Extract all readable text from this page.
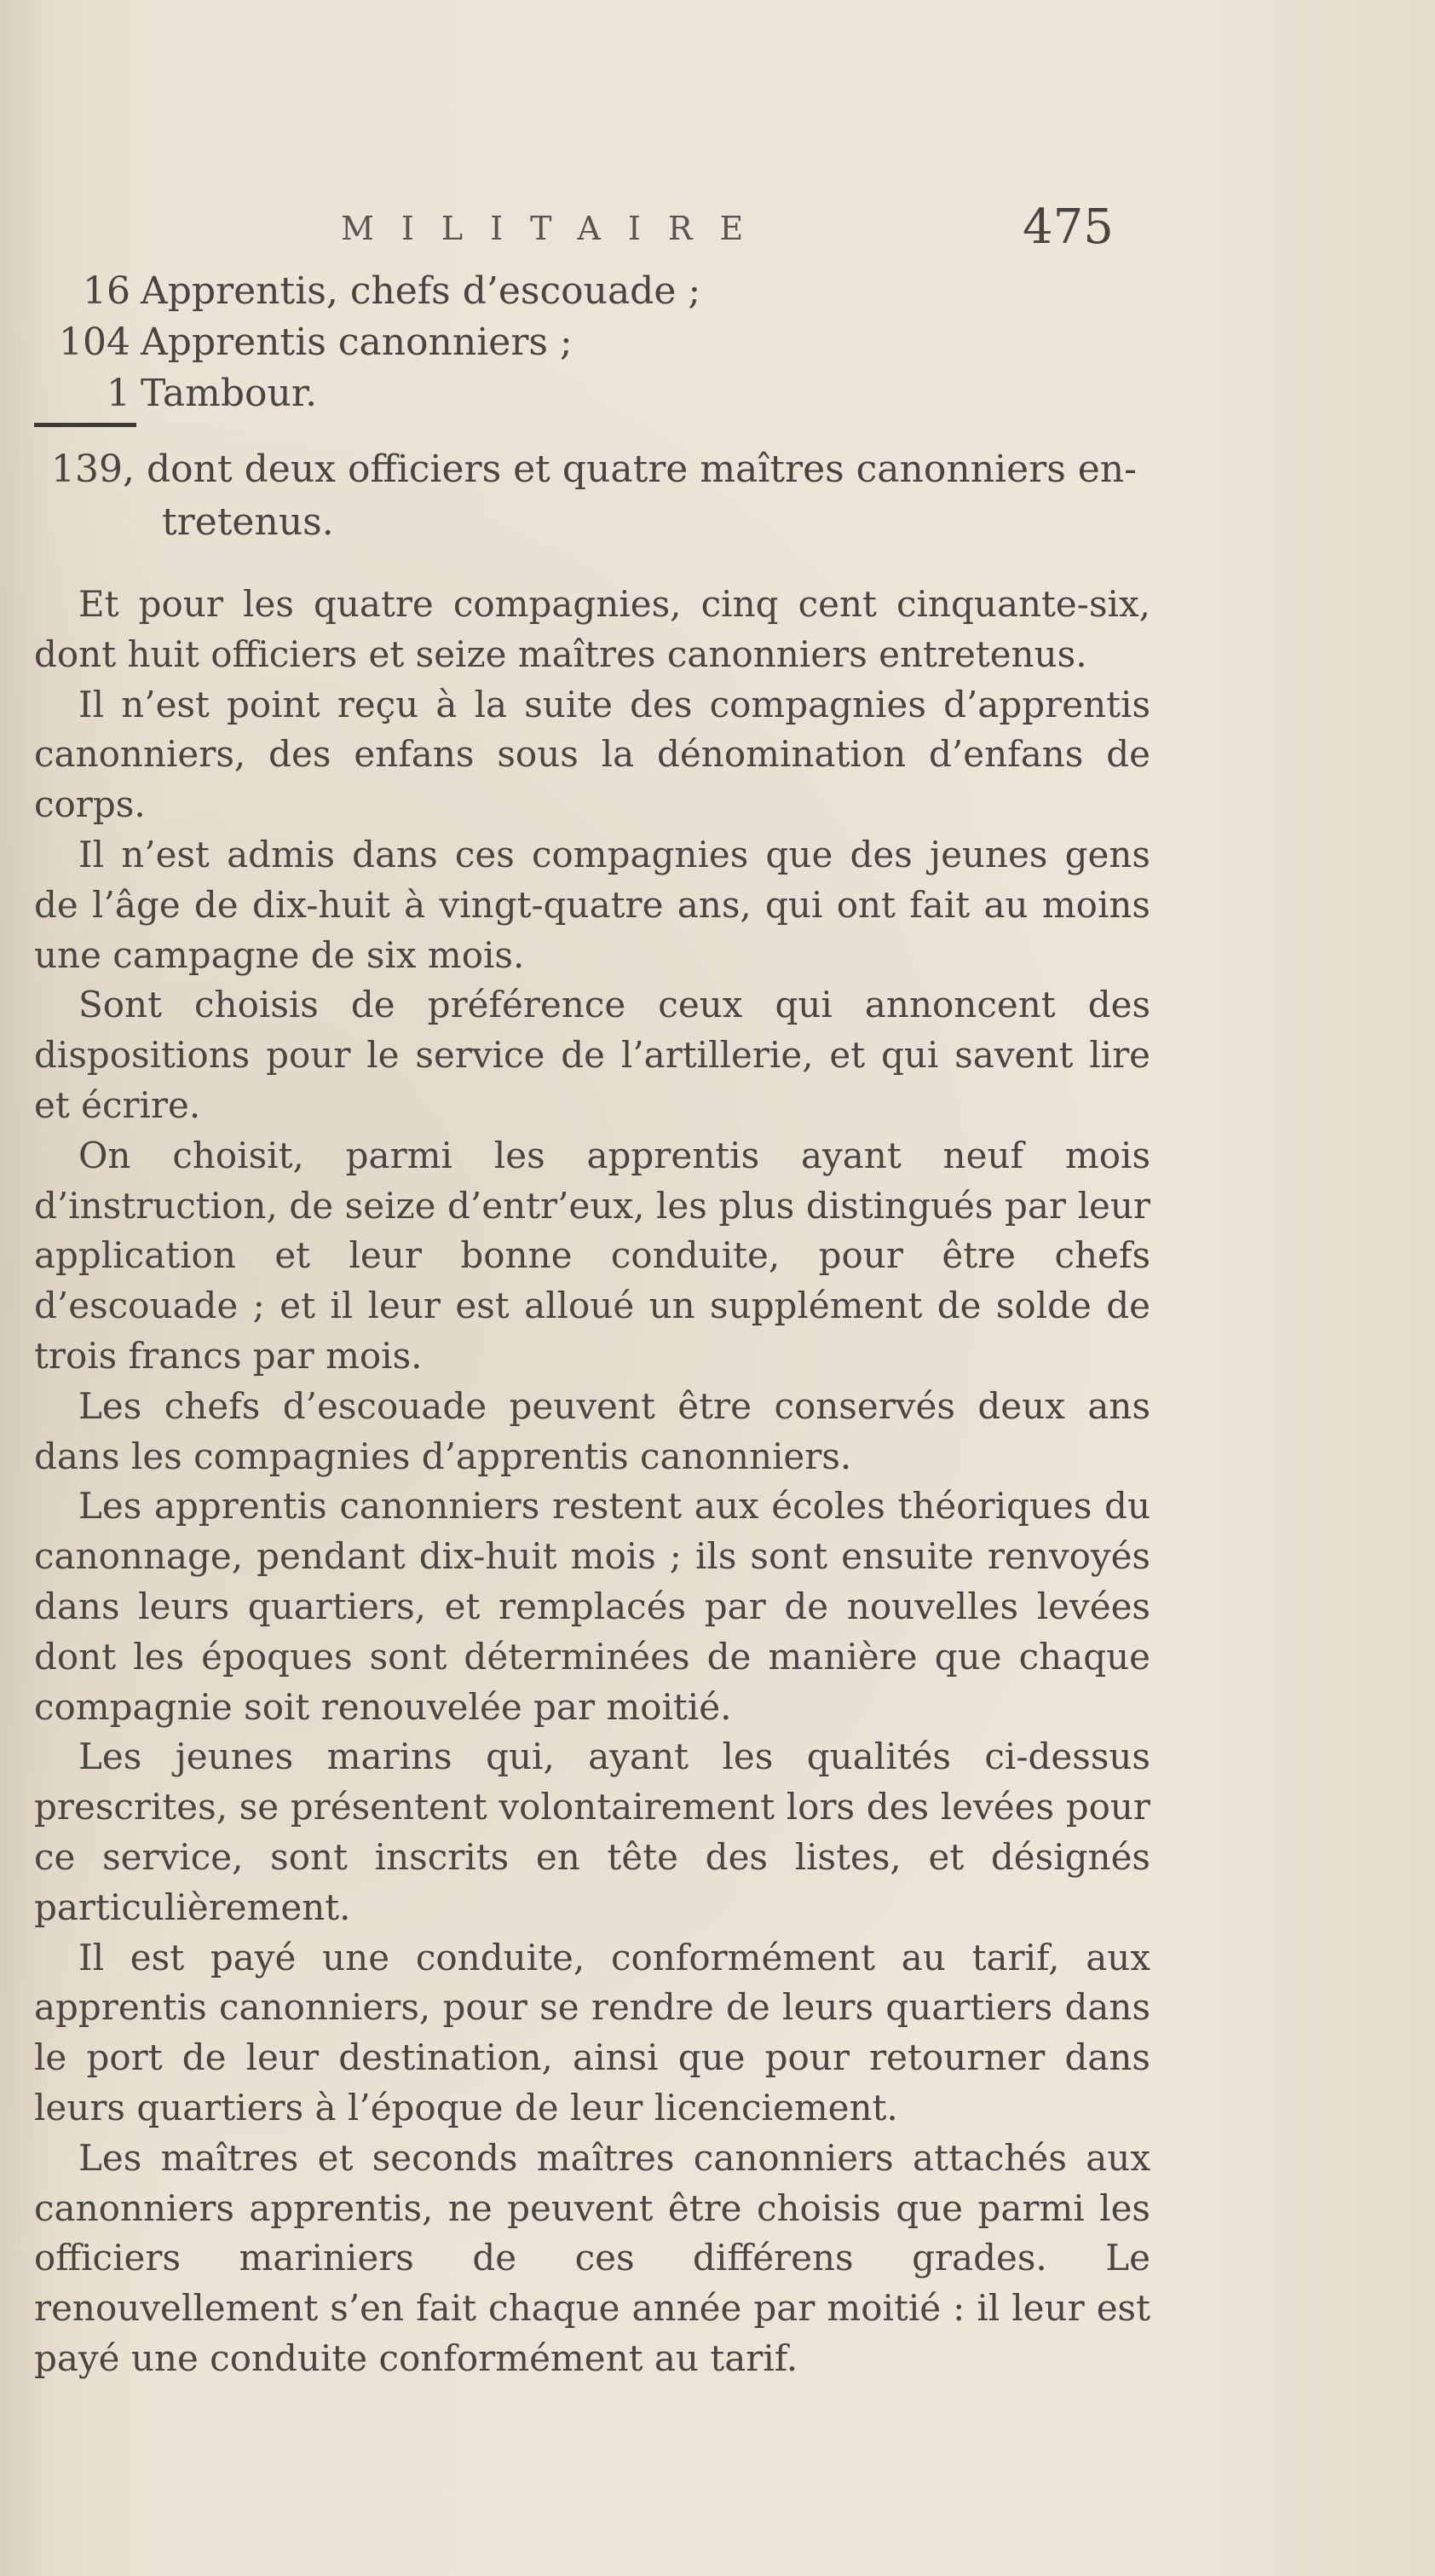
MILITAIRE	475
16 Apprentis, chefs d’escouade ;
104 Apprentis canonniers ;
1 Tambour.
139, dont deux officiers et quatre maîtres canonniers en-
tretenus.

Et pour les quatre compagnies, cinq cent cinquante-six, dont huit officiers et seize maîtres canonniers entretenus.

Il n’est point reçu à la suite des compagnies d’apprentis canonniers, des enfans sous la dénomination d’enfans de corps.

Il n’est admis dans ces compagnies que des jeunes gens de l’âge de dix-huit à vingt-quatre ans, qui ont fait au moins une campagne de six mois.

Sont choisis de préférence ceux qui annoncent des dispositions pour le service de l’artillerie, et qui savent lire et écrire.

On choisit, parmi les apprentis ayant neuf mois d’instruction, de seize d’entr’eux, les plus distingués par leur application et leur bonne conduite, pour être chefs d’escouade ; et il leur est alloué un supplément de solde de trois francs par mois.

Les chefs d’escouade peuvent être conservés deux ans dans les compagnies d’apprentis canonniers.

Les apprentis canonniers restent aux écoles théoriques du canonnage, pendant dix-huit mois ; ils sont ensuite renvoyés dans leurs quartiers, et remplacés par de nouvelles levées dont les époques sont déterminées de manière que chaque compagnie soit renouvelée par moitié.

Les jeunes marins qui, ayant les qualités ci-dessus prescrites, se présentent volontairement lors des levées pour ce service, sont inscrits en tête des listes, et désignés particulièrement.

Il est payé une conduite, conformément au tarif, aux apprentis canonniers, pour se rendre de leurs quartiers dans le port de leur destination, ainsi que pour retourner dans leurs quartiers à l’époque de leur licenciement.

Les maîtres et seconds maîtres canonniers attachés aux canonniers apprentis, ne peuvent être choisis que parmi les officiers mariniers de ces différens grades. Le renouvellement s’en fait chaque année par moitié : il leur est payé une conduite conformément au tarif.
